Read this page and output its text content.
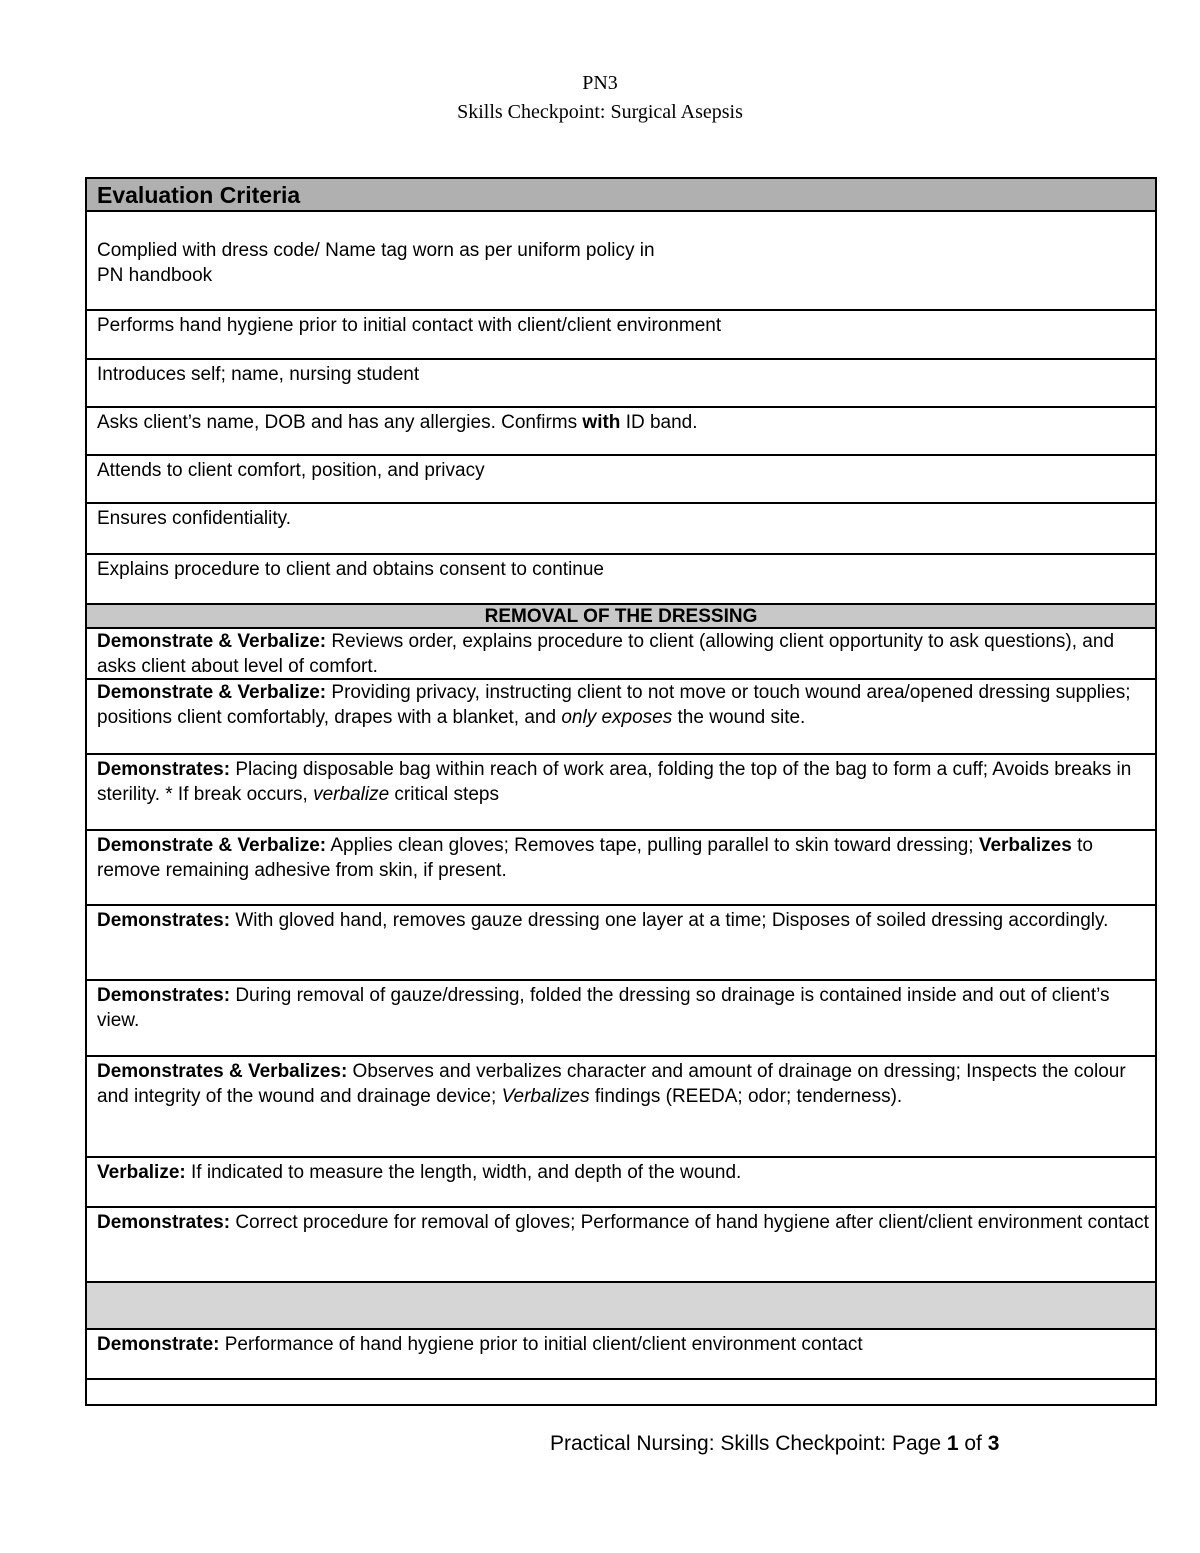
PN3
Skills Checkpoint: Surgical Asepsis
Evaluation Criteria
Complied with dress code/ Name tag worn as per uniform policy in
PN handbook
Performs hand hygiene prior to initial contact with client/client environment
Introduces self; name, nursing student
Asks client’s name, DOB and has any allergies. Confirms with ID band.
Attends to client comfort, position, and privacy
Ensures confidentiality.
Explains procedure to client and obtains consent to continue
REMOVAL OF THE DRESSING
Demonstrate & Verbalize: Reviews order, explains procedure to client (allowing client opportunity to ask questions), and asks client about level of comfort.
Demonstrate & Verbalize: Providing privacy, instructing client to not move or touch wound area/opened dressing supplies; positions client comfortably, drapes with a blanket, and only exposes the wound site.
Demonstrates: Placing disposable bag within reach of work area, folding the top of the bag to form a cuff; Avoids breaks in sterility. * If break occurs, verbalize critical steps
Demonstrate & Verbalize: Applies clean gloves; Removes tape, pulling parallel to skin toward dressing; Verbalizes to remove remaining adhesive from skin, if present.
Demonstrates: With gloved hand, removes gauze dressing one layer at a time; Disposes of soiled dressing accordingly.
Demonstrates: During removal of gauze/dressing, folded the dressing so drainage is contained inside and out of client’s view.
Demonstrates & Verbalizes: Observes and verbalizes character and amount of drainage on dressing; Inspects the colour and integrity of the wound and drainage device; Verbalizes findings (REEDA; odor; tenderness).
Verbalize: If indicated to measure the length, width, and depth of the wound.
Demonstrates: Correct procedure for removal of gloves; Performance of hand hygiene after client/client environment contact
Demonstrate: Performance of hand hygiene prior to initial client/client environment contact
Practical Nursing: Skills Checkpoint: Page 1 of 3
